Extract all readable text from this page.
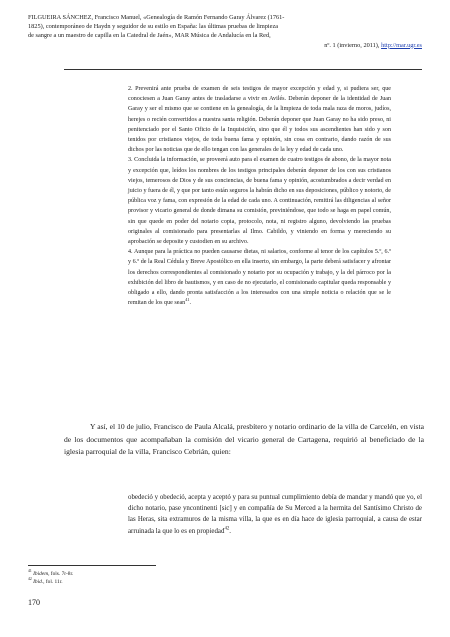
FILGUEIRA SÁNCHEZ, Francisco Manuel, «Genealogía de Ramón Fernando Garay Álvarez (1761-
1825), contemporáneo de Haydn y seguidor de su estilo en España: las últimas pruebas de limpieza
de sangre a un maestro de capilla en la Catedral de Jaén», MAR Música de Andalucía en la Red,
nº. 1 (invierno, 2011), http://mar.ugr.es

2. Prevenirá ante prueba de examen de seis testigos de mayor excepción y edad y, si pudiera ser, que conociesen a Juan Garay antes de trasladarse a vivir en Avilés. Deberán deponer de la identidad de Juan Garay y ser el mismo que se contiene en la genealogía, de la limpieza de toda mala raza de moros, judíos, herejes o recién convertidos a nuestra santa religión. Deberán deponer que Juan Garay no ha sido preso, ni penitenciado por el Santo Oficio de la Inquisición, sino que él y todos sus ascendientes han sido y son tenidos por cristianos viejos, de toda buena fama y opinión, sin cosa en contrario, dando razón de sus dichos por las noticias que de ello tengan con las generales de la ley y edad de cada uno.

3. Concluida la información, se proveerá auto para el examen de cuatro testigos de abono, de la mayor nota y excepción que, leídos los nombres de los testigos principales deberán deponer de los con sus cristianos viejos, temerosos de Dios y de sus conciencias, de buena fama y opinión, acostumbrados a decir verdad en juicio y fuera de él, y que por tanto están seguros la habrán dicho en sus deposiciones, público y notorio, de pública voz y fama, con expresión de la edad de cada uno. A continuación, remitirá las diligencias al señor provisor y vicario general de donde dimana su comisión, previniéndose, que todo se haga en papel común, sin que quede en poder del notario copia, protocolo, nota, ni registro alguno, devolviendo las pruebas originales al comisionado para presentarlas al Ilmo. Cabildo, y viniendo en forma y mereciendo su aprobación se deposite y custodien en su archivo.

4. Aunque para la práctica no pueden causarse dietas, ni salarios, conforme al tenor de los capítulos 5.º, 6.º y 6.º de la Real Cédula y Breve Apostólico en ella inserto, sin embargo, la parte deberá satisfacer y afrontar los derechos correspondientes al comisionado y notario por su ocupación y trabajo, y la del párroco por la exhibición del libro de bautismos, y en caso de no ejecutarlo, el comisionado capitular queda responsable y obligado a ello, dando pronta satisfacción a los interesados con una simple noticia o relación que se le remitan de los que sean$^{41}$.

Y así, el 10 de julio, Francisco de Paula Alcalá, presbítero y notario ordinario de la villa de Carcelén, en vista de los documentos que acompañaban la comisión del vicario general de Cartagena, requirió al beneficiado de la iglesia parroquial de la villa, Francisco Cebrián, quien:

obedeció y obedeció, acepta y aceptó y para su puntual cumplimiento debía de mandar y mandó que yo, el dicho notario, pase yncontinenti [sic] y en compañía de Su Merced a la hermita del Santísimo Christo de las Heras, sita extramuros de la misma villa, la que es en día hace de iglesia parroquial, a causa de estar arruinada la que lo es en propiedad$^{42}$.

$^{41}$ Ibidem, fols. 7r-8r.
$^{42}$ Ibid., fol. 11r.
170
